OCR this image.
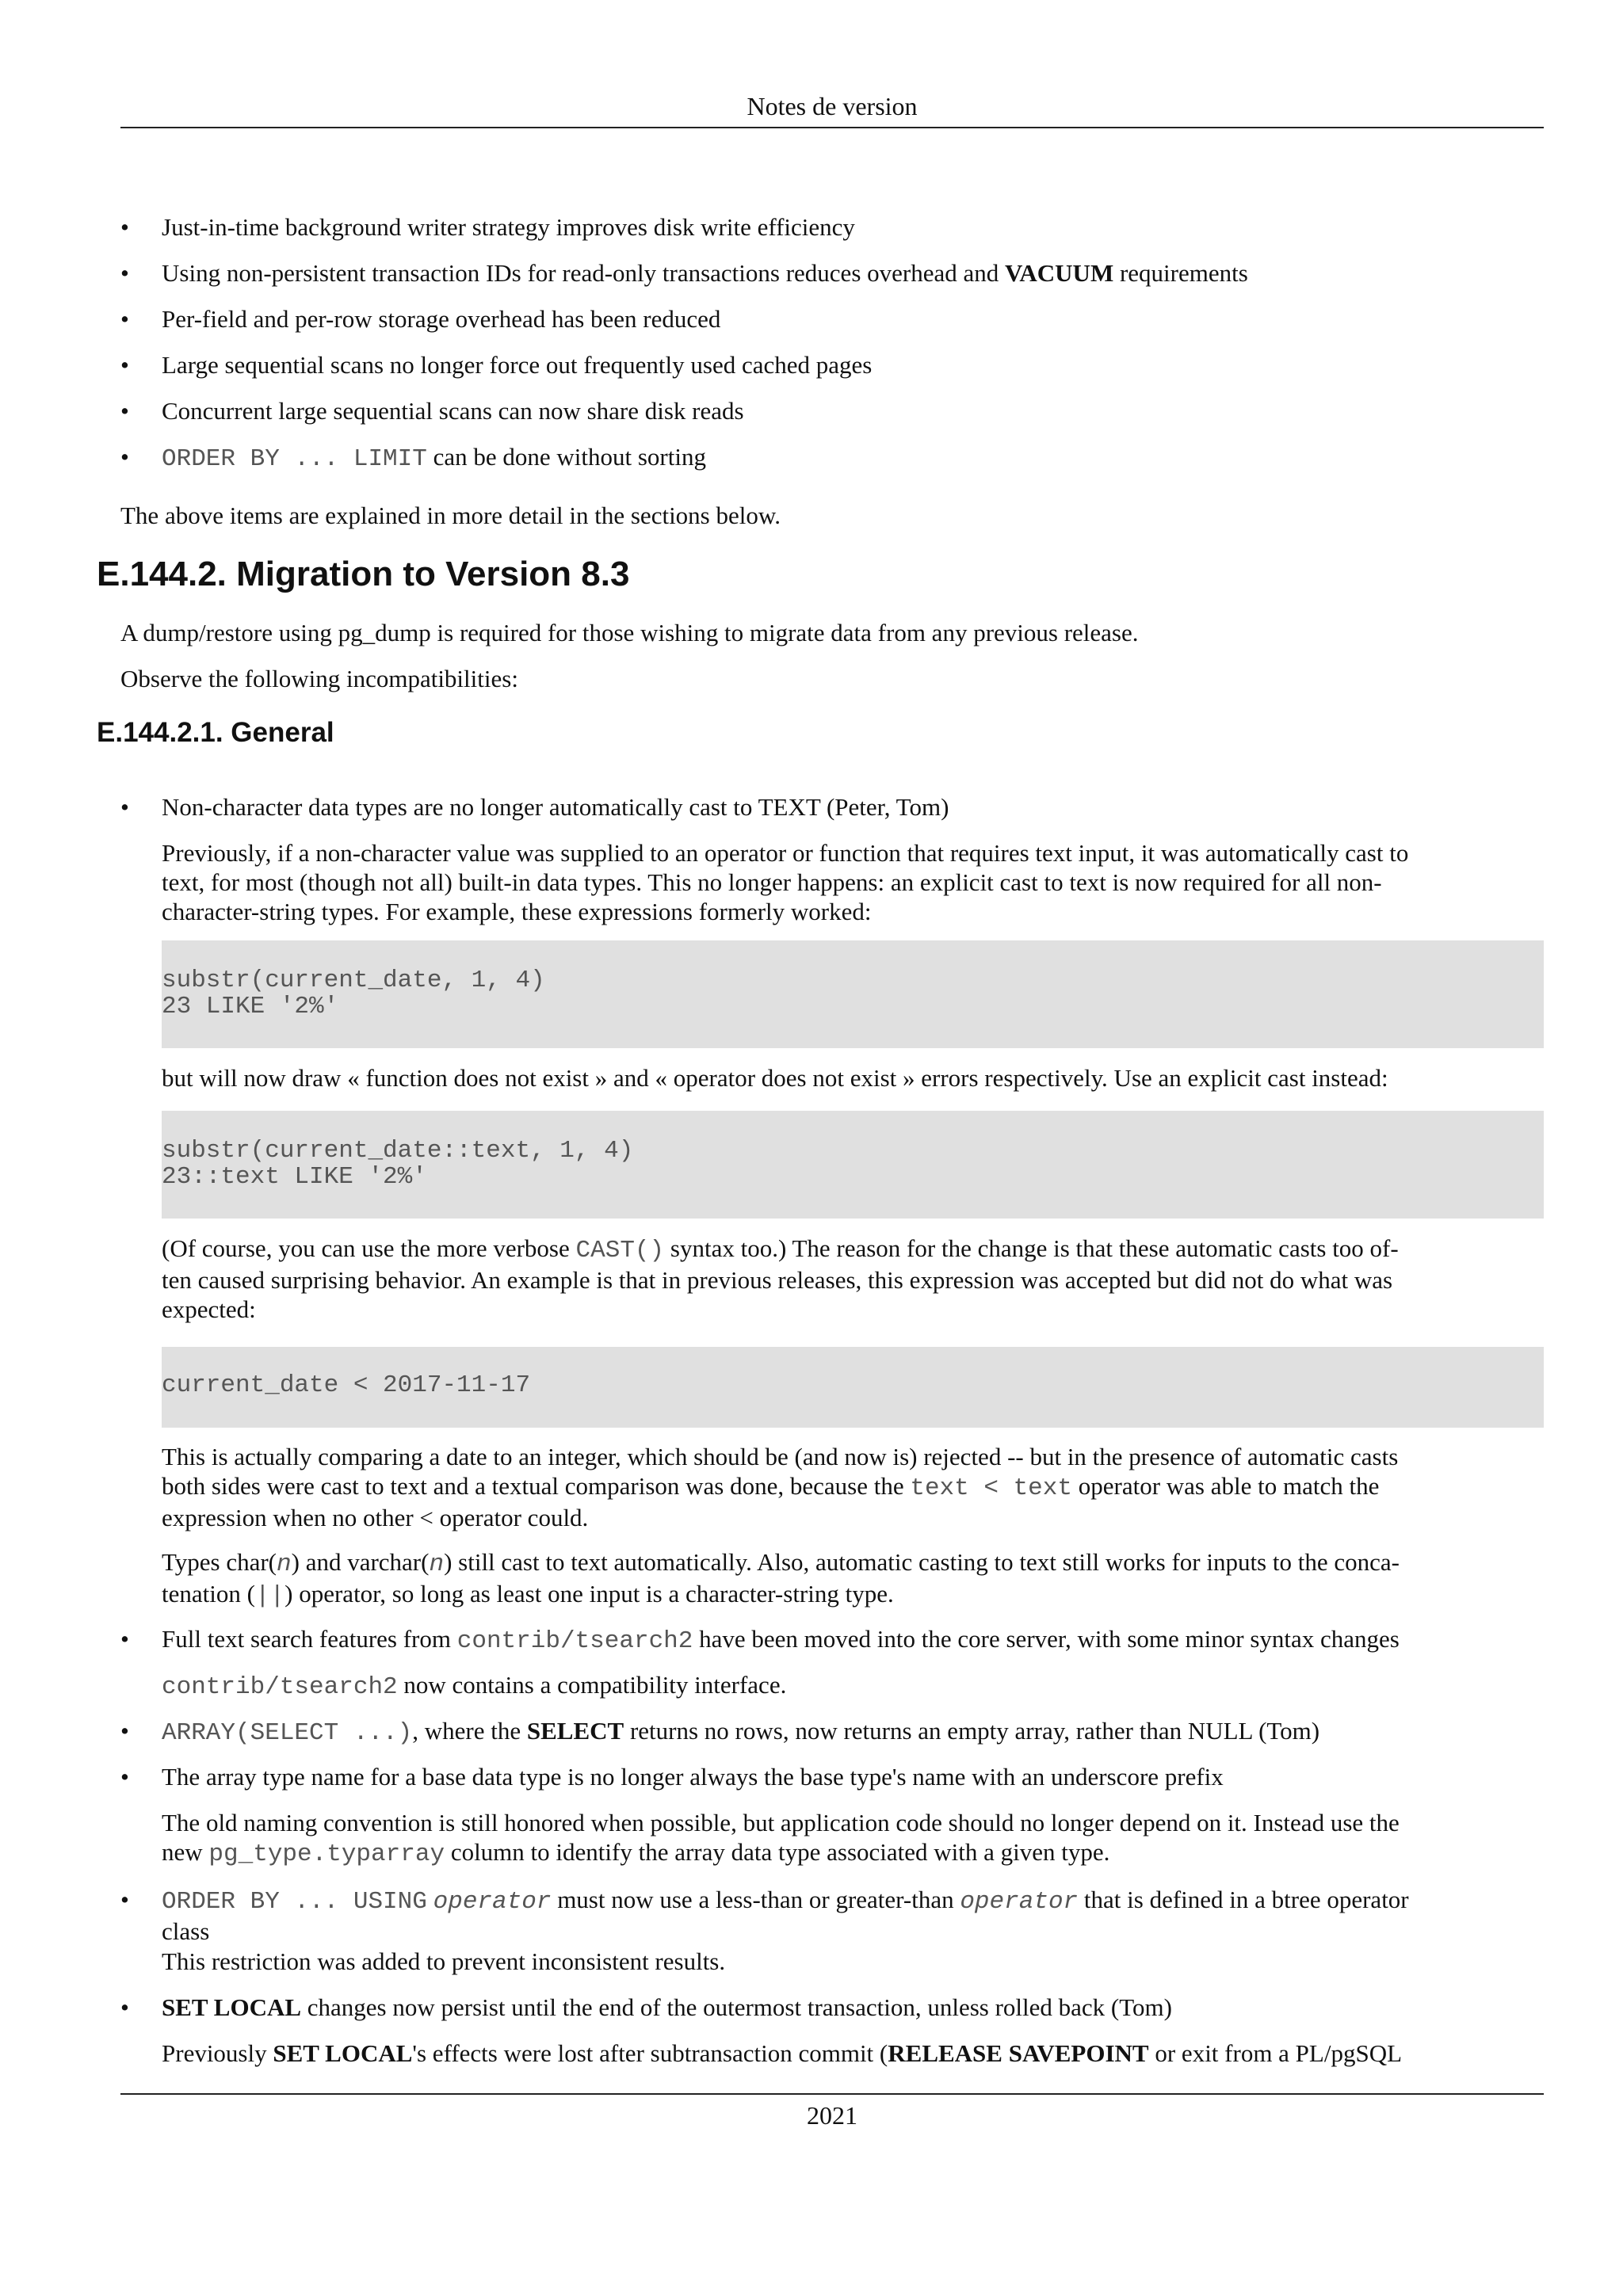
Notes de version
• Just-in-time background writer strategy improves disk write efficiency
• Using non-persistent transaction IDs for read-only transactions reduces overhead and VACUUM requirements
• Per-field and per-row storage overhead has been reduced
• Large sequential scans no longer force out frequently used cached pages
• Concurrent large sequential scans can now share disk reads
• ORDER BY ... LIMIT can be done without sorting
The above items are explained in more detail in the sections below.
E.144.2. Migration to Version 8.3
A dump/restore using pg_dump is required for those wishing to migrate data from any previous release.
Observe the following incompatibilities:
E.144.2.1. General
• Non-character data types are no longer automatically cast to TEXT (Peter, Tom)
Previously, if a non-character value was supplied to an operator or function that requires text input, it was automatically cast to
text, for most (though not all) built-in data types. This no longer happens: an explicit cast to text is now required for all non-
character-string types. For example, these expressions formerly worked:
substr(current_date, 1, 4)
23 LIKE '2%'
but will now draw « function does not exist » and « operator does not exist » errors respectively. Use an explicit cast instead:
substr(current_date::text, 1, 4)
23::text LIKE '2%'
(Of course, you can use the more verbose CAST() syntax too.) The reason for the change is that these automatic casts too of-
ten caused surprising behavior. An example is that in previous releases, this expression was accepted but did not do what was
expected:
current_date < 2017-11-17
This is actually comparing a date to an integer, which should be (and now is) rejected -- but in the presence of automatic casts
both sides were cast to text and a textual comparison was done, because the text < text operator was able to match the
expression when no other < operator could.
Types char(n) and varchar(n) still cast to text automatically. Also, automatic casting to text still works for inputs to the conca-
tenation (||) operator, so long as least one input is a character-string type.
• Full text search features from contrib/tsearch2 have been moved into the core server, with some minor syntax changes
contrib/tsearch2 now contains a compatibility interface.
• ARRAY(SELECT ...), where the SELECT returns no rows, now returns an empty array, rather than NULL (Tom)
• The array type name for a base data type is no longer always the base type's name with an underscore prefix
The old naming convention is still honored when possible, but application code should no longer depend on it. Instead use the
new pg_type.typarray column to identify the array data type associated with a given type.
• ORDER BY ... USING operator must now use a less-than or greater-than operator that is defined in a btree operator
class
This restriction was added to prevent inconsistent results.
• SET LOCAL changes now persist until the end of the outermost transaction, unless rolled back (Tom)
Previously SET LOCAL's effects were lost after subtransaction commit (RELEASE SAVEPOINT or exit from a PL/pgSQL
2021
